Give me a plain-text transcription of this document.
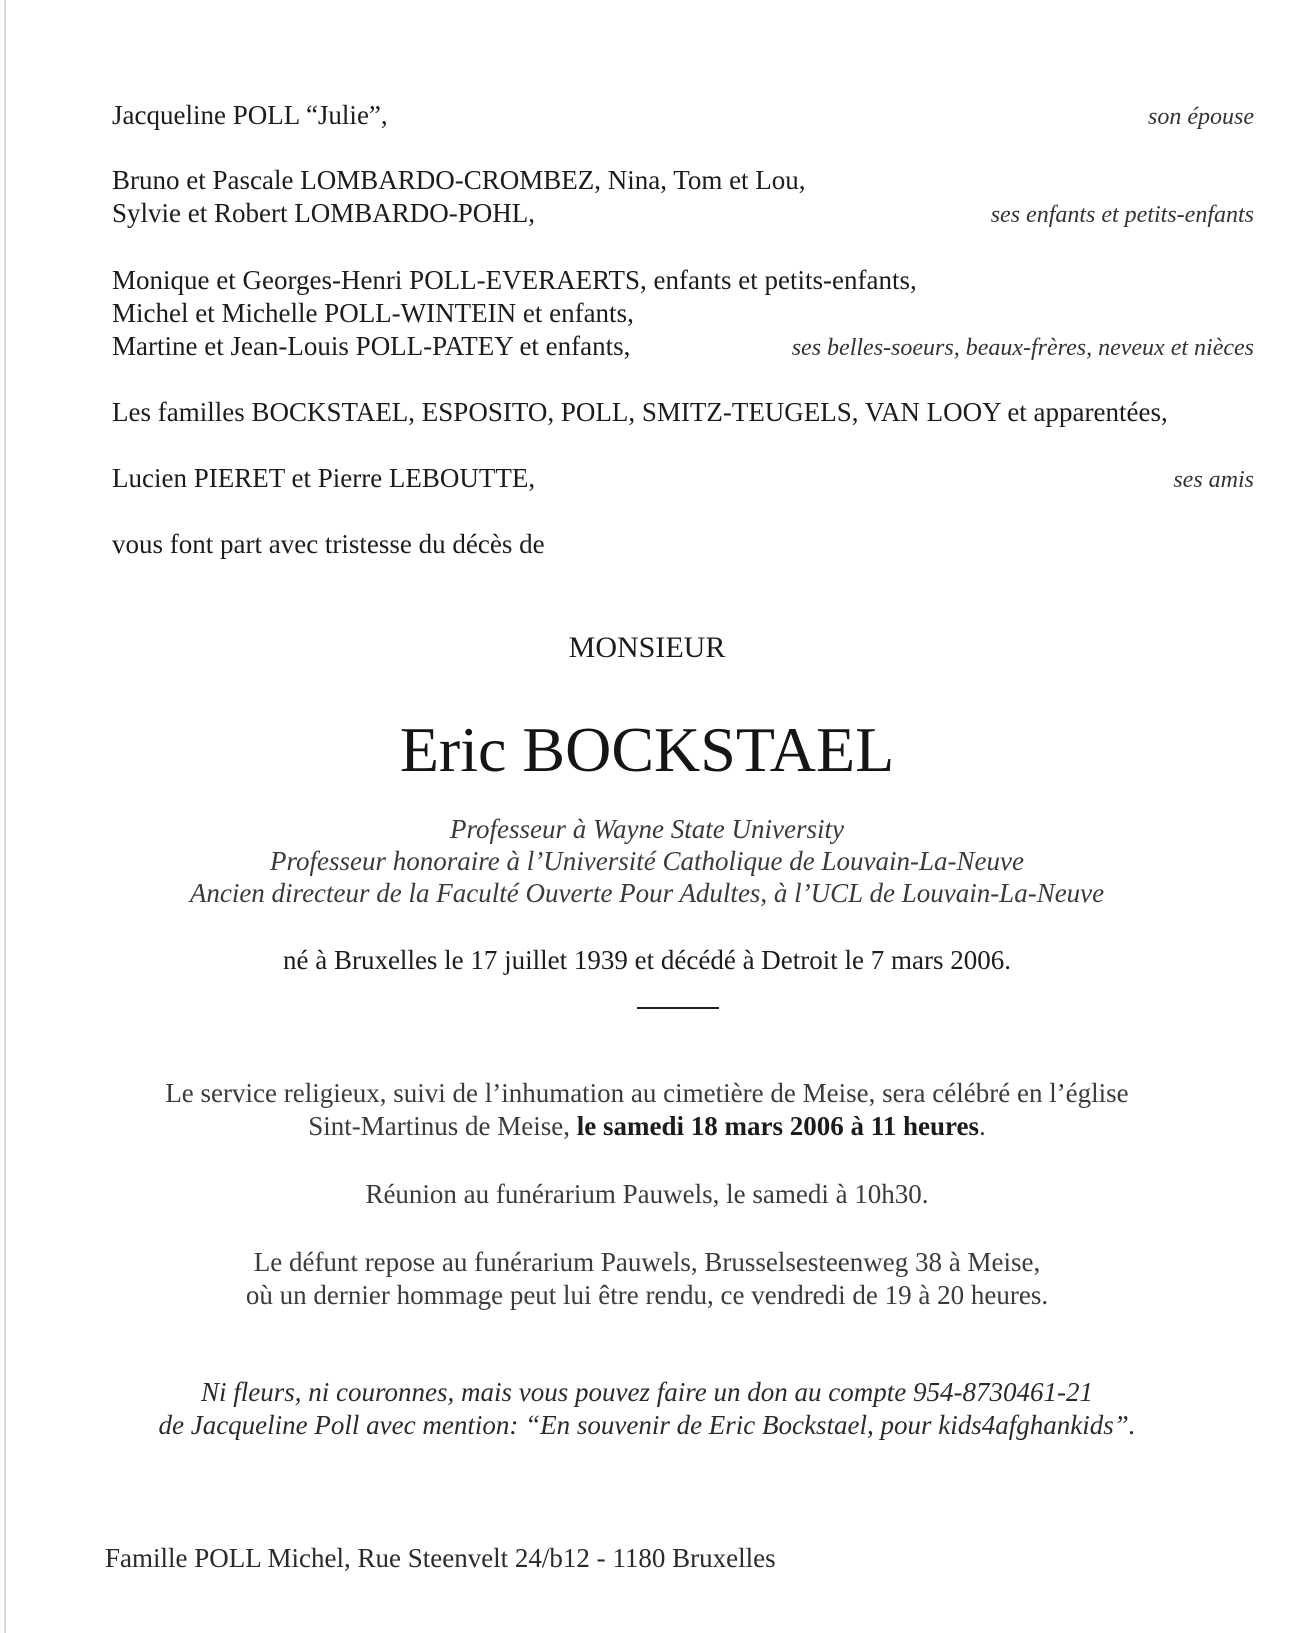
Jacqueline POLL “Julie”,	son épouse
Bruno et Pascale LOMBARDO-CROMBEZ, Nina, Tom et Lou,
Sylvie et Robert LOMBARDO-POHL,	ses enfants et petits-enfants
Monique et Georges-Henri POLL-EVERAERTS, enfants et petits-enfants,
Michel et Michelle POLL-WINTEIN et enfants,
Martine et Jean-Louis POLL-PATEY et enfants,	ses belles-soeurs, beaux-frères, neveux et nièces
Les familles BOCKSTAEL, ESPOSITO, POLL, SMITZ-TEUGELS, VAN LOOY et apparentées,
Lucien PIERET et Pierre LEBOUTTE,	ses amis
vous font part avec tristesse du décès de
MONSIEUR
Eric BOCKSTAEL
Professeur à Wayne State University
Professeur honoraire à l’Université Catholique de Louvain-La-Neuve
Ancien directeur de la Faculté Ouverte Pour Adultes, à l’UCL de Louvain-La-Neuve
né à Bruxelles le 17 juillet 1939 et décédé à Detroit le 7 mars 2006.
Le service religieux, suivi de l’inhumation au cimetière de Meise, sera célébré en l’église
Sint-Martinus de Meise, le samedi 18 mars 2006 à 11 heures.
Réunion au funérarium Pauwels, le samedi à 10h30.
Le défunt repose au funérarium Pauwels, Brusselsesteenweg 38 à Meise,
où un dernier hommage peut lui être rendu, ce vendredi de 19 à 20 heures.
Ni fleurs, ni couronnes, mais vous pouvez faire un don au compte 954-8730461-21
de Jacqueline Poll avec mention: “En souvenir de Eric Bockstael, pour kids4afghankids”.
Famille POLL Michel, Rue Steenvelt 24/b12 - 1180 Bruxelles
